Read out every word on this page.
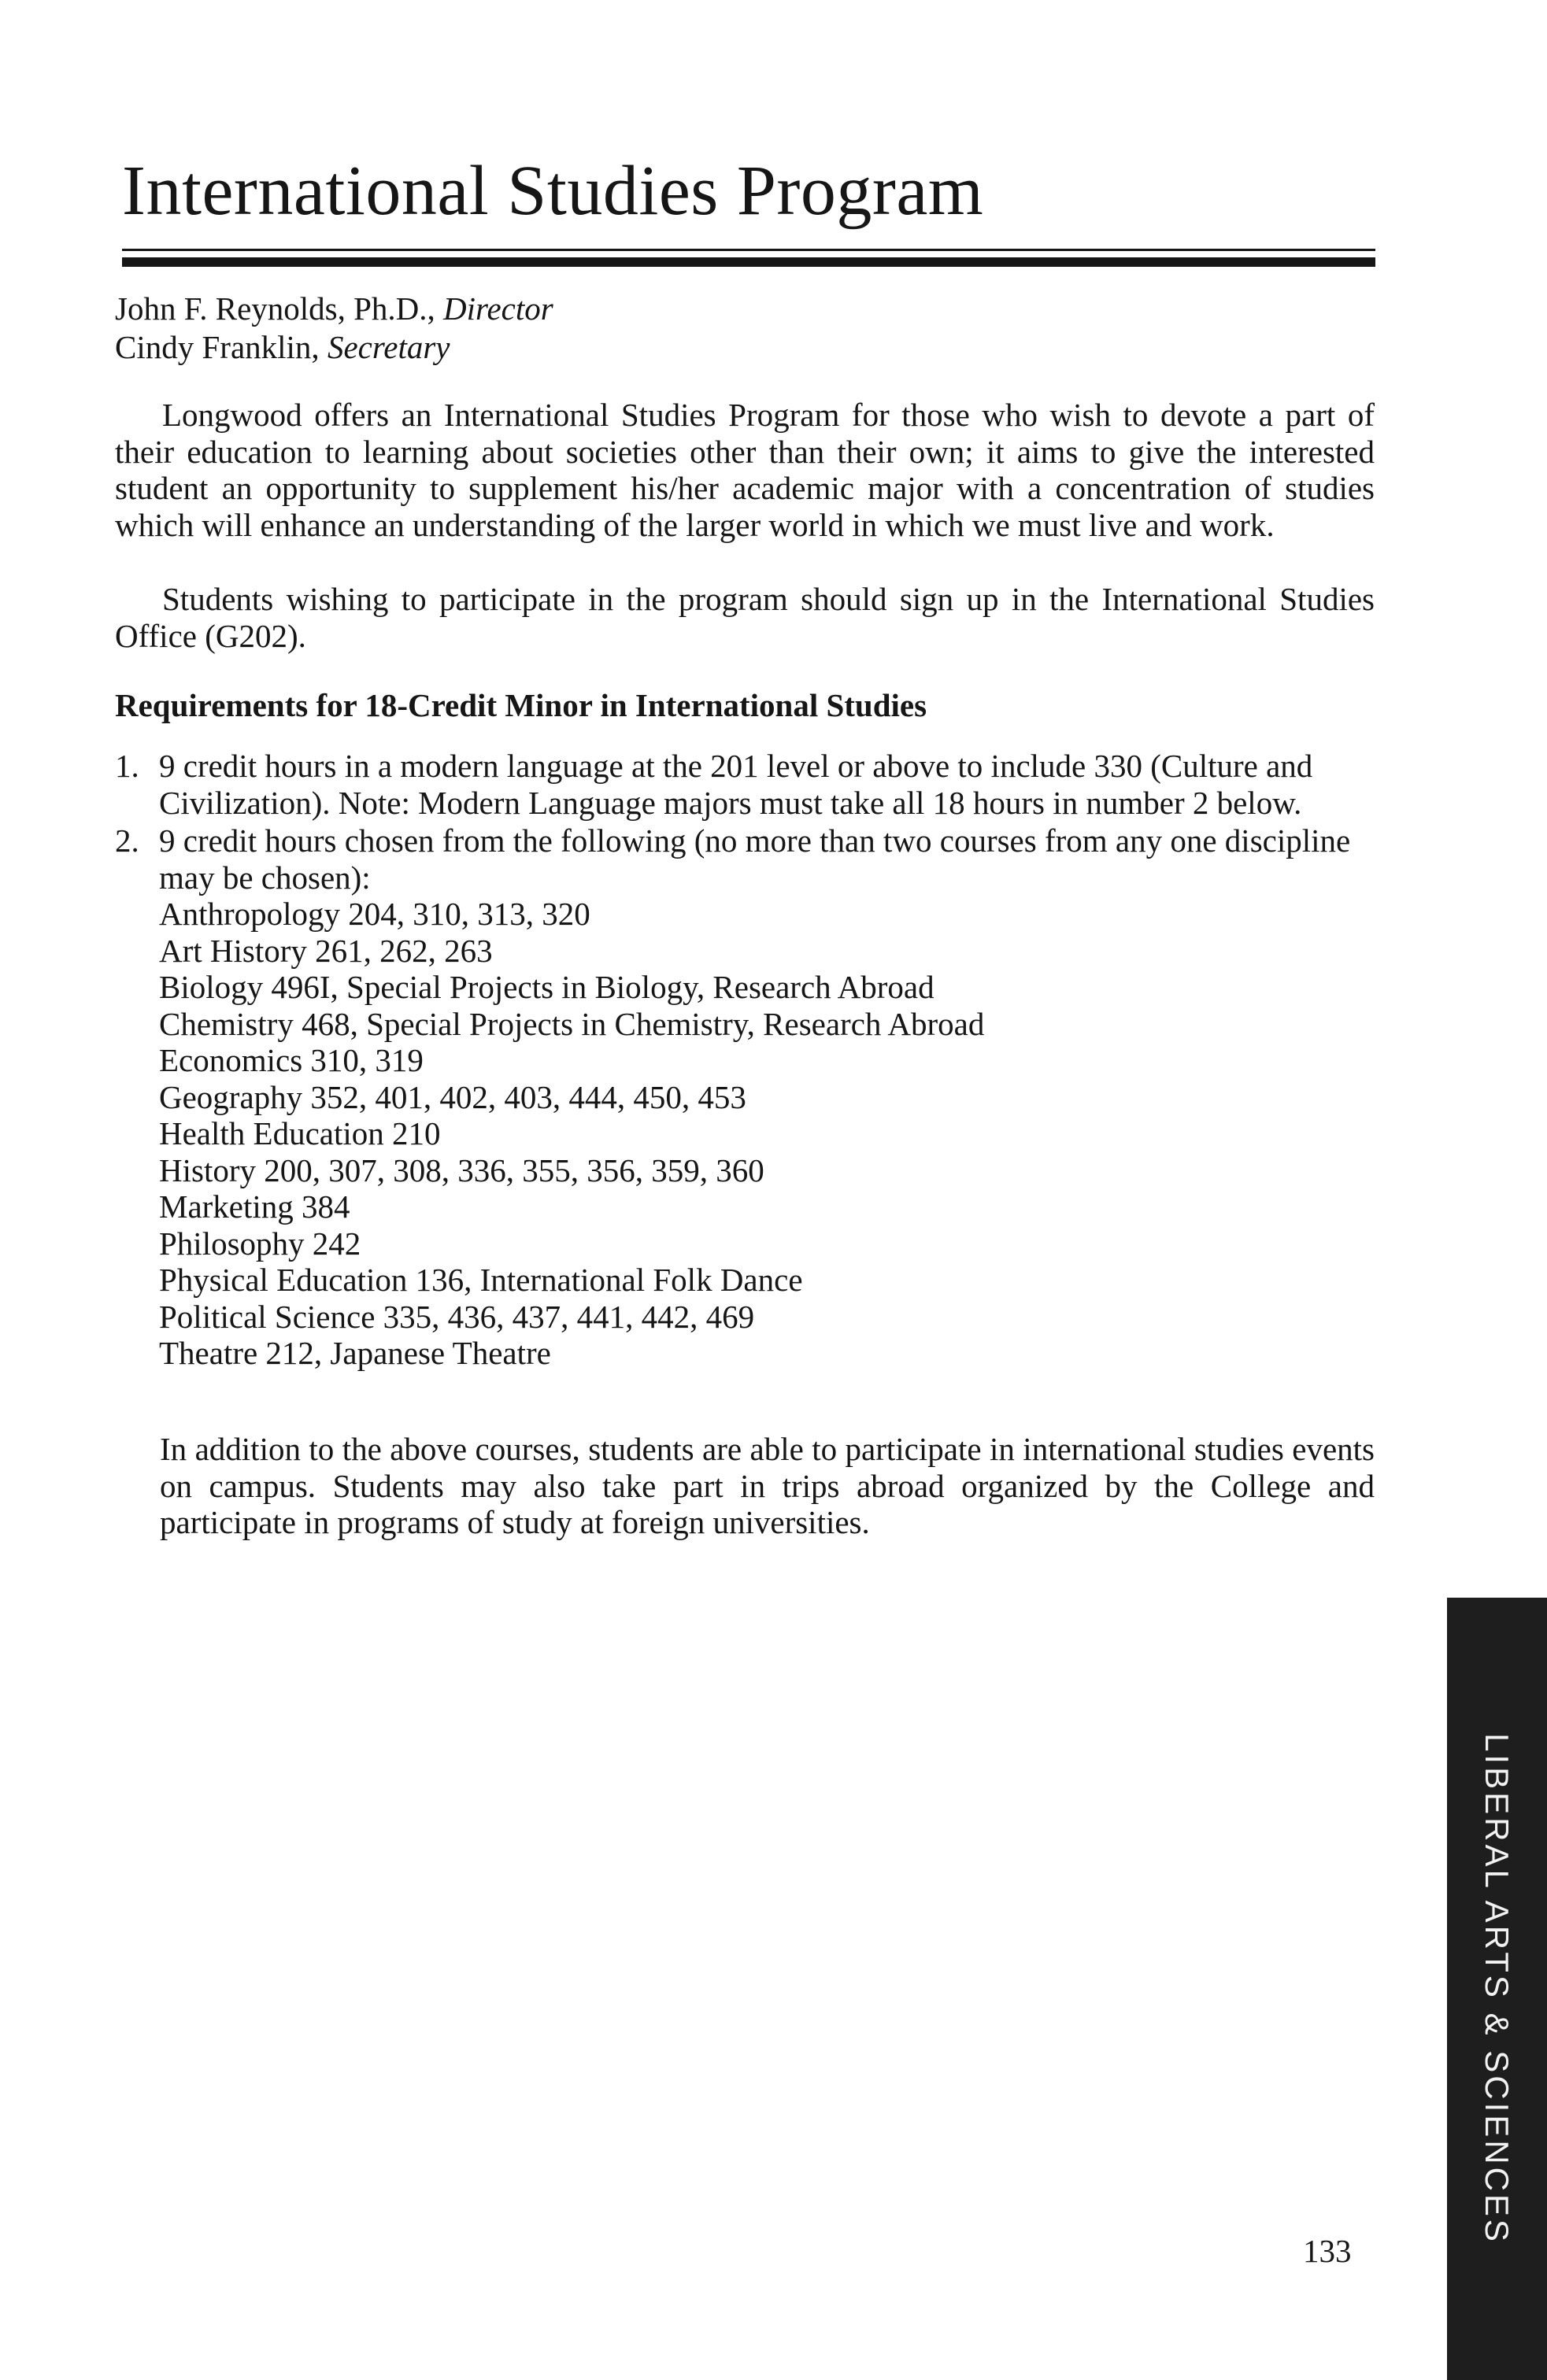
International Studies Program
John F. Reynolds, Ph.D., Director
Cindy Franklin, Secretary

Longwood offers an International Studies Program for those who wish to devote a part of their education to learning about societies other than their own; it aims to give the interested student an opportunity to supplement his/her academic major with a concentration of studies which will enhance an understanding of the larger world in which we must live and work.

Students wishing to participate in the program should sign up in the International Studies Office (G202).

Requirements for 18-Credit Minor in International Studies
1. 9 credit hours in a modern language at the 201 level or above to include 330 (Culture and Civilization). Note: Modern Language majors must take all 18 hours in number 2 below.
2. 9 credit hours chosen from the following (no more than two courses from any one discipline may be chosen):
Anthropology 204, 310, 313, 320
Art History 261, 262, 263
Biology 496I, Special Projects in Biology, Research Abroad
Chemistry 468, Special Projects in Chemistry, Research Abroad
Economics 310, 319
Geography 352, 401, 402, 403, 444, 450, 453
Health Education 210
History 200, 307, 308, 336, 355, 356, 359, 360
Marketing 384
Philosophy 242
Physical Education 136, International Folk Dance
Political Science 335, 436, 437, 441, 442, 469
Theatre 212, Japanese Theatre

In addition to the above courses, students are able to participate in international studies events on campus. Students may also take part in trips abroad organized by the College and participate in programs of study at foreign universities.

LIBERAL ARTS & SCIENCES
133
